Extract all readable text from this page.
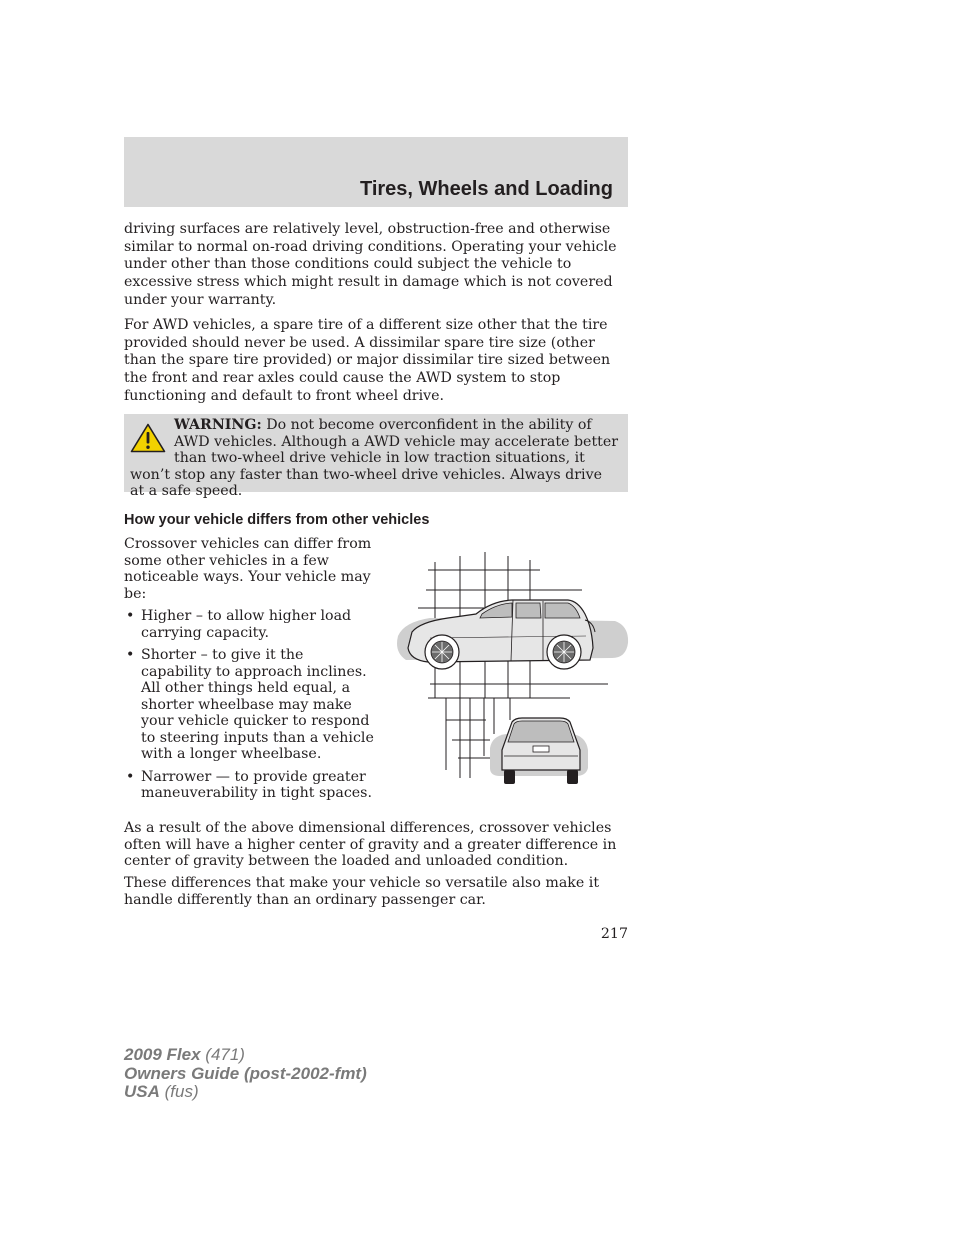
Tires, Wheels and Loading

driving surfaces are relatively level, obstruction-free and otherwise similar to normal on-road driving conditions. Operating your vehicle under other than those conditions could subject the vehicle to excessive stress which might result in damage which is not covered under your warranty.

For AWD vehicles, a spare tire of a different size other that the tire provided should never be used. A dissimilar spare tire size (other than the spare tire provided) or major dissimilar tire sized between the front and rear axles could cause the AWD system to stop functioning and default to front wheel drive.

WARNING: Do not become overconfident in the ability of AWD vehicles. Although a AWD vehicle may accelerate better than two-wheel drive vehicle in low traction situations, it won’t stop any faster than two-wheel drive vehicles. Always drive at a safe speed.
How your vehicle differs from other vehicles

Crossover vehicles can differ from some other vehicles in a few noticeable ways. Your vehicle may be:

• Higher – to allow higher load carrying capacity.
• Shorter – to give it the capability to approach inclines. All other things held equal, a shorter wheelbase may make your vehicle quicker to respond to steering inputs than a vehicle with a longer wheelbase.
• Narrower — to provide greater maneuverability in tight spaces.

As a result of the above dimensional differences, crossover vehicles often will have a higher center of gravity and a greater difference in center of gravity between the loaded and unloaded condition.

These differences that make your vehicle so versatile also make it handle differently than an ordinary passenger car.

217

2009 Flex (471)
Owners Guide (post-2002-fmt)
USA (fus)
